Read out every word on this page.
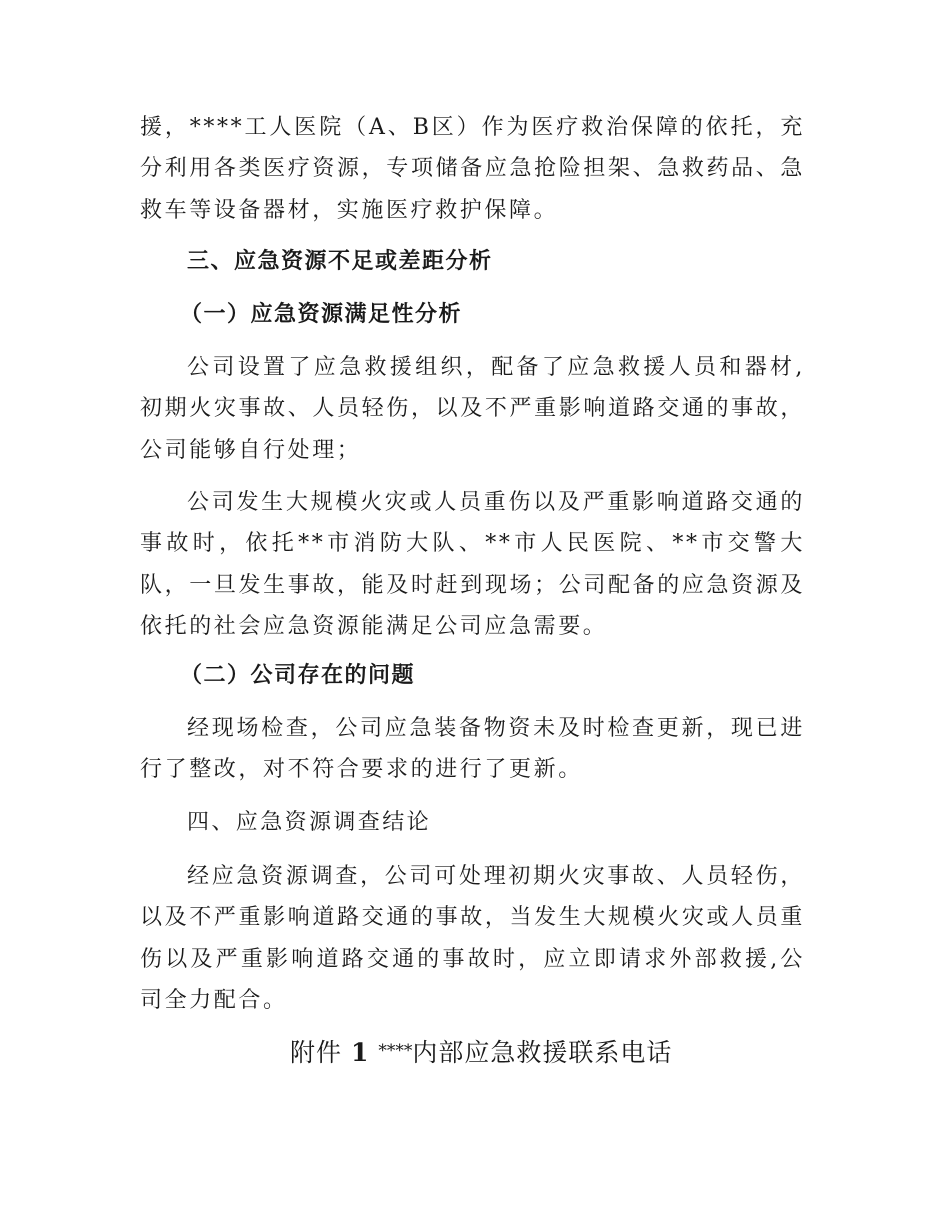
援，****工人医院（A、B区）作为医疗救治保障的依托，充分利用各类医疗资源，专项储备应急抢险担架、急救药品、急救车等设备器材，实施医疗救护保障。

三、应急资源不足或差距分析
（一）应急资源满足性分析

公司设置了应急救援组织，配备了应急救援人员和器材,初期火灾事故、人员轻伤，以及不严重影响道路交通的事故，公司能够自行处理；

公司发生大规模火灾或人员重伤以及严重影响道路交通的事故时，依托**市消防大队、**市人民医院、**市交警大队，一旦发生事故，能及时赶到现场；公司配备的应急资源及依托的社会应急资源能满足公司应急需要。

（二）公司存在的问题

经现场检查，公司应急装备物资未及时检查更新，现已进行了整改，对不符合要求的进行了更新。

四、应急资源调查结论

经应急资源调查，公司可处理初期火灾事故、人员轻伤，以及不严重影响道路交通的事故，当发生大规模火灾或人员重伤以及严重影响道路交通的事故时，应立即请求外部救援,公司全力配合。

附件 1 ****内部应急救援联系电话
